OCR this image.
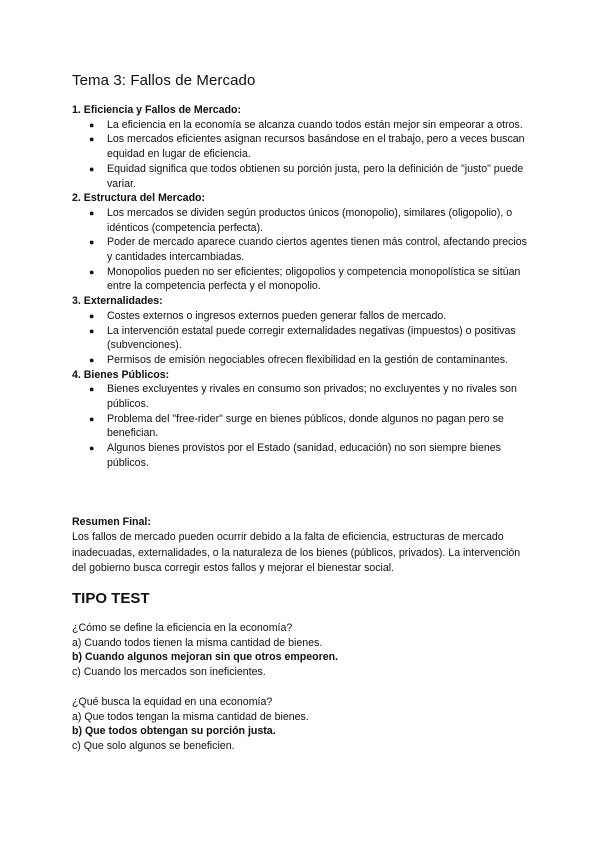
Tema 3: Fallos de Mercado

1. Eficiencia y Fallos de Mercado:

● La eficiencia en la economía se alcanza cuando todos están mejor sin empeorar a otros.
● Los mercados eficientes asignan recursos basándose en el trabajo, pero a veces buscan equidad en lugar de eficiencia.
● Equidad significa que todos obtienen su porción justa, pero la definición de "justo" puede variar.

2. Estructura del Mercado:

● Los mercados se dividen según productos únicos (monopolio), similares (oligopolio), o idénticos (competencia perfecta).
● Poder de mercado aparece cuando ciertos agentes tienen más control, afectando precios y cantidades intercambiadas.
● Monopolios pueden no ser eficientes; oligopolios y competencia monopolística se sitúan entre la competencia perfecta y el monopolio.

3. Externalidades:

● Costes externos o ingresos externos pueden generar fallos de mercado.
● La intervención estatal puede corregir externalidades negativas (impuestos) o positivas (subvenciones).
● Permisos de emisión negociables ofrecen flexibilidad en la gestión de contaminantes.

4. Bienes Públicos:

● Bienes excluyentes y rivales en consumo son privados; no excluyentes y no rivales son públicos.
● Problema del "free-rider" surge en bienes públicos, donde algunos no pagan pero se benefician.
● Algunos bienes provistos por el Estado (sanidad, educación) no son siempre bienes públicos.
Resumen Final:
Los fallos de mercado pueden ocurrir debido a la falta de eficiencia, estructuras de mercado inadecuadas, externalidades, o la naturaleza de los bienes (públicos, privados). La intervención del gobierno busca corregir estos fallos y mejorar el bienestar social.
TIPO TEST
¿Cómo se define la eficiencia en la economía?
a) Cuando todos tienen la misma cantidad de bienes.
b) Cuando algunos mejoran sin que otros empeoren.
c) Cuando los mercados son ineficientes.
¿Qué busca la equidad en una economía?
a) Que todos tengan la misma cantidad de bienes.
b) Que todos obtengan su porción justa.
c) Que solo algunos se beneficien.
